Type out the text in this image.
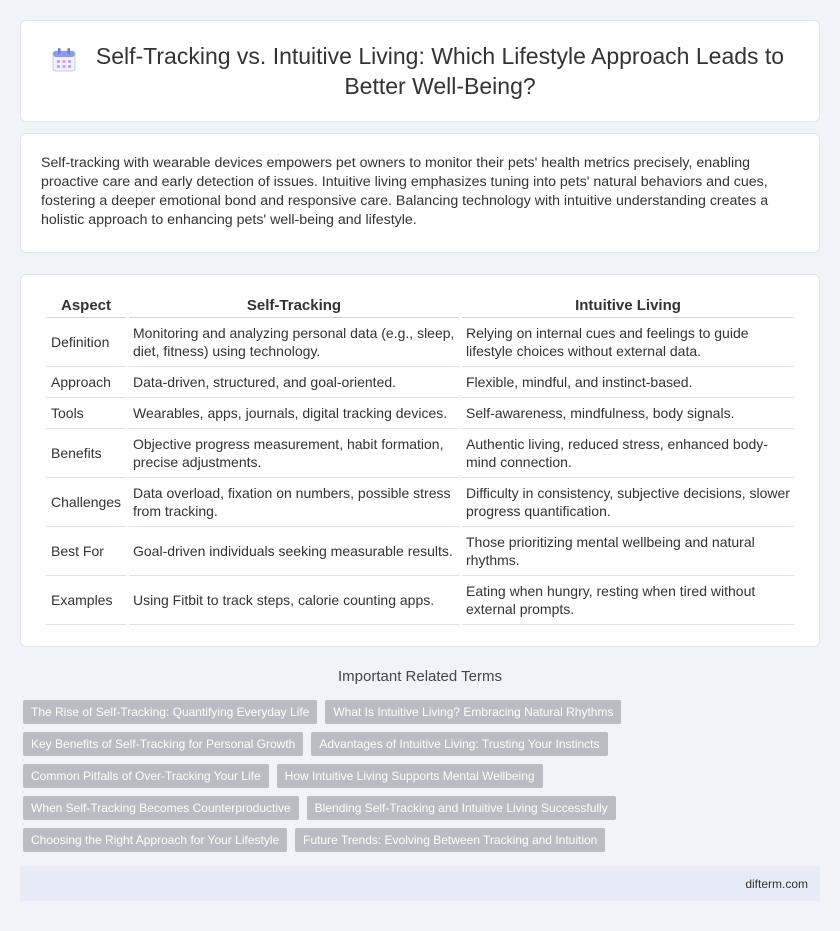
Self-Tracking vs. Intuitive Living: Which Lifestyle Approach Leads to Better Well-Being?

Self-tracking with wearable devices empowers pet owners to monitor their pets' health metrics precisely, enabling proactive care and early detection of issues. Intuitive living emphasizes tuning into pets' natural behaviors and cues, fostering a deeper emotional bond and responsive care. Balancing technology with intuitive understanding creates a holistic approach to enhancing pets' well-being and lifestyle.

Aspect	Self-Tracking	Intuitive Living
Definition	Monitoring and analyzing personal data (e.g., sleep, diet, fitness) using technology.	Relying on internal cues and feelings to guide lifestyle choices without external data.
Approach	Data-driven, structured, and goal-oriented.	Flexible, mindful, and instinct-based.
Tools	Wearables, apps, journals, digital tracking devices.	Self-awareness, mindfulness, body signals.
Benefits	Objective progress measurement, habit formation, precise adjustments.	Authentic living, reduced stress, enhanced body-mind connection.
Challenges	Data overload, fixation on numbers, possible stress from tracking.	Difficulty in consistency, subjective decisions, slower progress quantification.
Best For	Goal-driven individuals seeking measurable results.	Those prioritizing mental wellbeing and natural rhythms.
Examples	Using Fitbit to track steps, calorie counting apps.	Eating when hungry, resting when tired without external prompts.
Important Related Terms
The Rise of Self-Tracking: Quantifying Everyday Life	What Is Intuitive Living? Embracing Natural Rhythms
Key Benefits of Self-Tracking for Personal Growth	Advantages of Intuitive Living: Trusting Your Instincts
Common Pitfalls of Over-Tracking Your Life	How Intuitive Living Supports Mental Wellbeing
When Self-Tracking Becomes Counterproductive	Blending Self-Tracking and Intuitive Living Successfully
Choosing the Right Approach for Your Lifestyle	Future Trends: Evolving Between Tracking and Intuition
difterm.com
